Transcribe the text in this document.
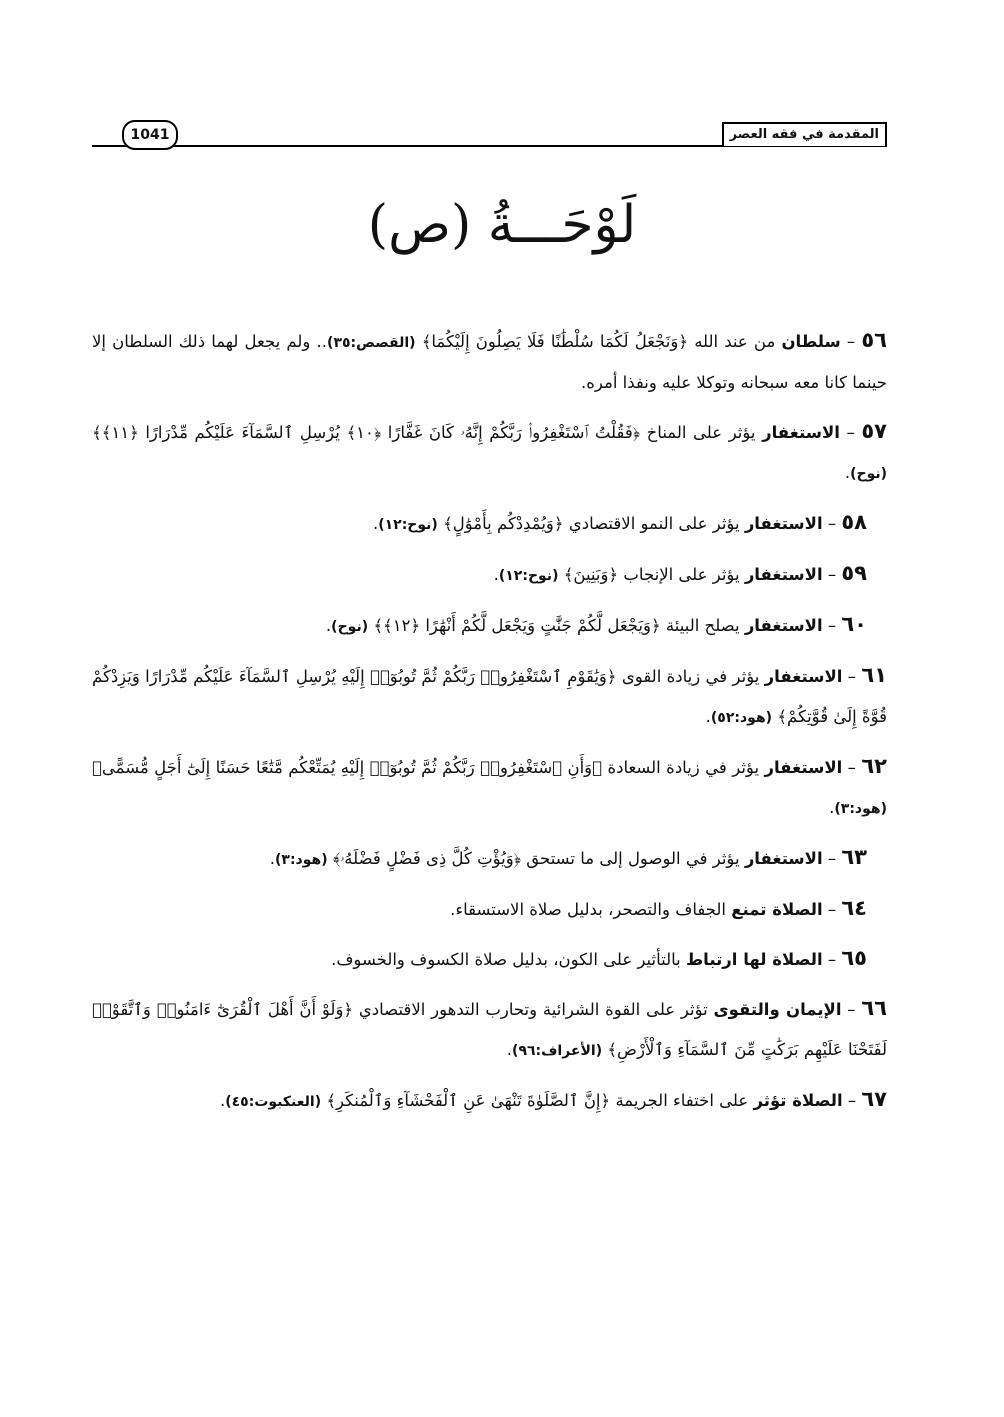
المقدمة في فقه العصر
1041
لَوْحَـــةُ (ص)
٥٦ – سلطان من عند الله ﴿وَنَجْعَلُ لَكُمَا سُلْطَٰنًا فَلَا يَصِلُونَ إِلَيْكُمَا﴾ (القصص:٣٥).. ولم يجعل لهما ذلك السلطان إلا حينما كانا معه سبحانه وتوكلا عليه ونفذا أمره.
٥٧ – الاستغفار يؤثر على المناخ ﴿فَقُلْتُ ٱسْتَغْفِرُوا۟ رَبَّكُمْ إِنَّهُۥ كَانَ غَفَّارًا ﴿١٠﴾ يُرْسِلِ ٱلسَّمَآءَ عَلَيْكُم مِّدْرَارًا ﴿١١﴾﴾ (نوح).
٥٨ – الاستغفار يؤثر على النمو الاقتصادي ﴿وَيُمْدِدْكُم بِأَمْوَٰلٍ﴾ (نوح:١٢).
٥٩ – الاستغفار يؤثر على الإنجاب ﴿وَبَنِينَ﴾ (نوح:١٢).
٦٠ – الاستغفار يصلح البيئة ﴿وَيَجْعَل لَّكُمْ جَنَّٰتٍ وَيَجْعَل لَّكُمْ أَنْهَٰرًا ﴿١٢﴾﴾ (نوح).
٦١ – الاستغفار يؤثر في زيادة القوى ﴿وَيَٰقَوْمِ ٱسْتَغْفِرُوا۟ رَبَّكُمْ ثُمَّ تُوبُوٓا۟ إِلَيْهِ يُرْسِلِ ٱلسَّمَآءَ عَلَيْكُم مِّدْرَارًا وَيَزِدْكُمْ قُوَّةً إِلَىٰ قُوَّتِكُمْ﴾ (هود:٥٢).
٦٢ – الاستغفار يؤثر في زيادة السعادة ﴿وَأَنِ ٱسْتَغْفِرُوا۟ رَبَّكُمْ ثُمَّ تُوبُوٓا۟ إِلَيْهِ يُمَتِّعْكُم مَّتَٰعًا حَسَنًا إِلَىٰٓ أَجَلٍ مُّسَمًّى﴾ (هود:٣).
٦٣ – الاستغفار يؤثر في الوصول إلى ما تستحق ﴿وَيُؤْتِ كُلَّ ذِى فَضْلٍ فَضْلَهُۥ﴾ (هود:٣).
٦٤ – الصلاة تمنع الجفاف والتصحر، بدليل صلاة الاستسقاء.
٦٥ – الصلاة لها ارتباط بالتأثير على الكون، بدليل صلاة الكسوف والخسوف.
٦٦ – الإيمان والتقوى تؤثر على القوة الشرائية وتحارب التدهور الاقتصادي ﴿وَلَوْ أَنَّ أَهْلَ ٱلْقُرَىٰٓ ءَامَنُوا۟ وَٱتَّقَوْا۟ لَفَتَحْنَا عَلَيْهِم بَرَكَٰتٍ مِّنَ ٱلسَّمَآءِ وَٱلْأَرْضِ﴾ (الأعراف:٩٦).
٦٧ – الصلاة تؤثر على اختفاء الجريمة ﴿إِنَّ ٱلصَّلَوٰةَ تَنْهَىٰ عَنِ ٱلْفَحْشَآءِ وَٱلْمُنكَرِ﴾ (العنكبوت:٤٥).
